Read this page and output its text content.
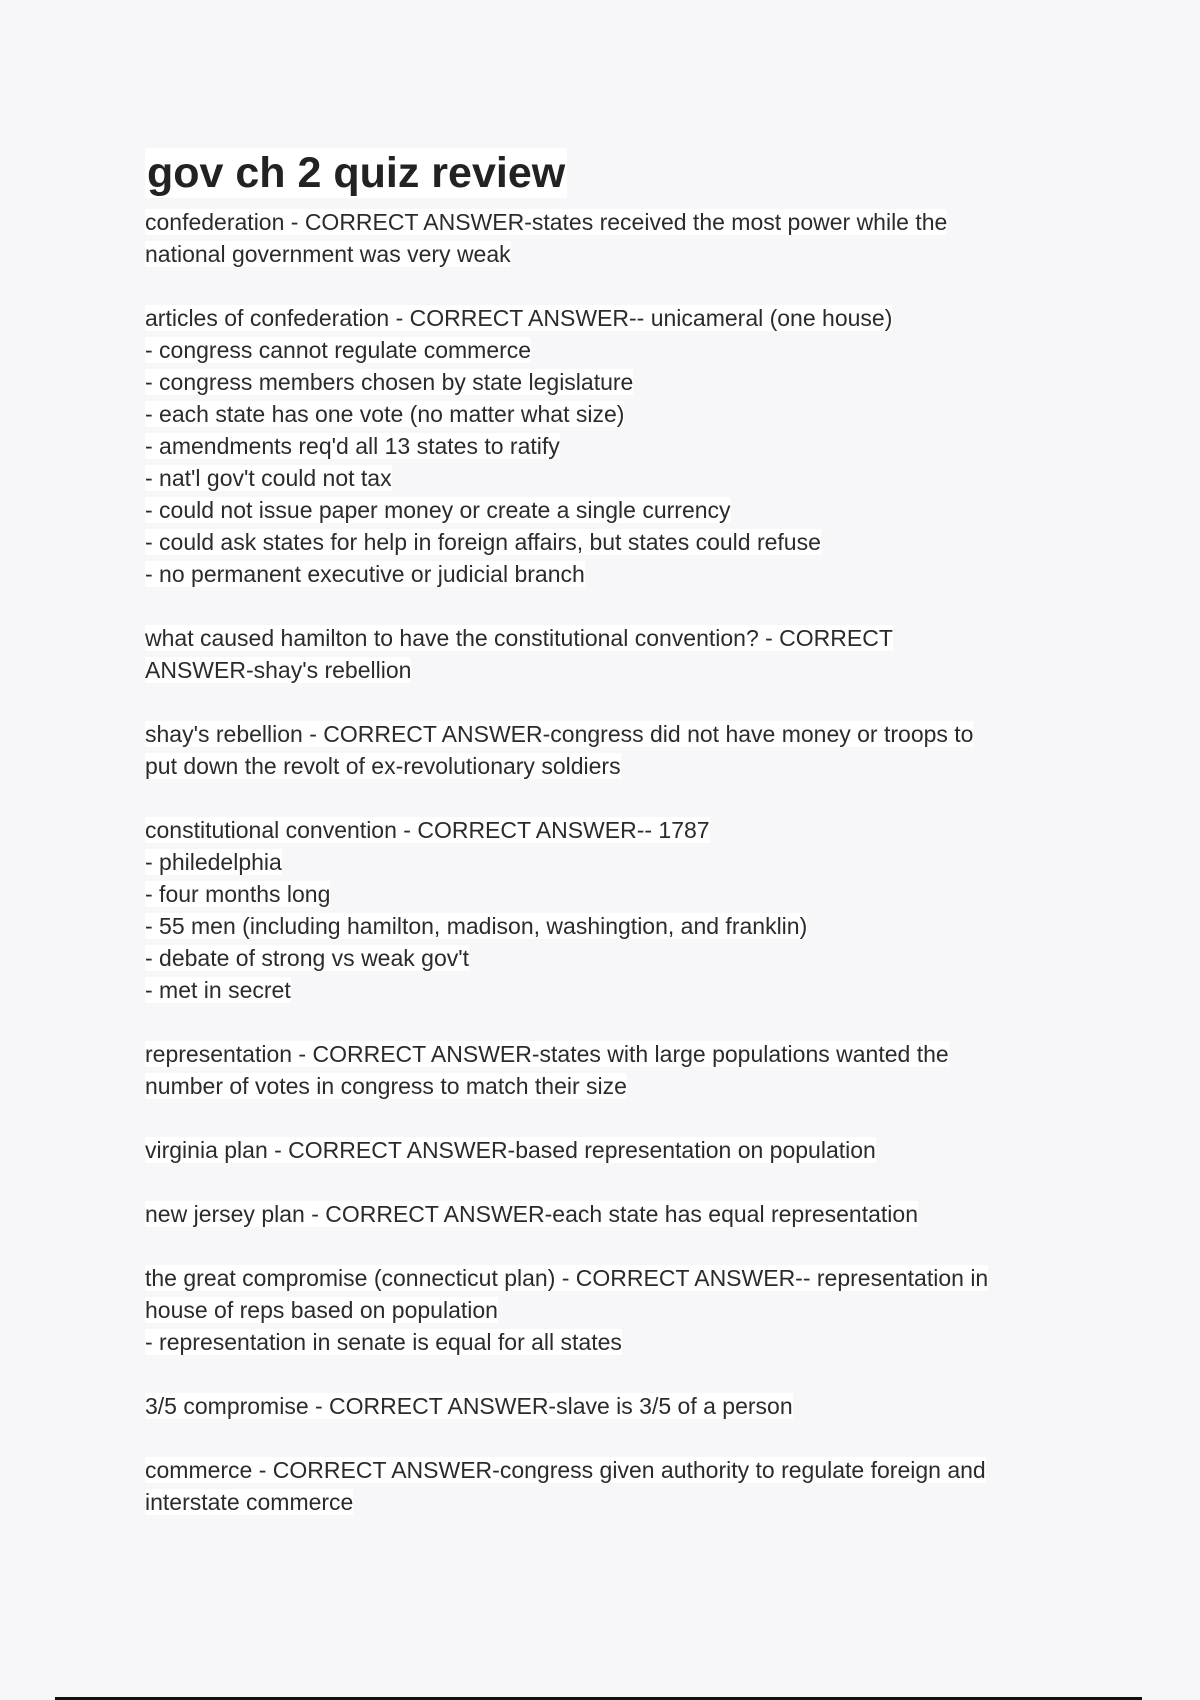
gov ch 2 quiz review
confederation - CORRECT ANSWER-states received the most power while the
national government was very weak
articles of confederation - CORRECT ANSWER-- unicameral (one house)
- congress cannot regulate commerce
- congress members chosen by state legislature
- each state has one vote (no matter what size)
- amendments req'd all 13 states to ratify
- nat'l gov't could not tax
- could not issue paper money or create a single currency
- could ask states for help in foreign affairs, but states could refuse
- no permanent executive or judicial branch
what caused hamilton to have the constitutional convention? - CORRECT
ANSWER-shay's rebellion
shay's rebellion - CORRECT ANSWER-congress did not have money or troops to
put down the revolt of ex-revolutionary soldiers
constitutional convention - CORRECT ANSWER-- 1787
- philedelphia
- four months long
- 55 men (including hamilton, madison, washingtion, and franklin)
- debate of strong vs weak gov't
- met in secret
representation - CORRECT ANSWER-states with large populations wanted the
number of votes in congress to match their size
virginia plan - CORRECT ANSWER-based representation on population
new jersey plan - CORRECT ANSWER-each state has equal representation
the great compromise (connecticut plan) - CORRECT ANSWER-- representation in
house of reps based on population
- representation in senate is equal for all states
3/5 compromise - CORRECT ANSWER-slave is 3/5 of a person
commerce - CORRECT ANSWER-congress given authority to regulate foreign and
interstate commerce
